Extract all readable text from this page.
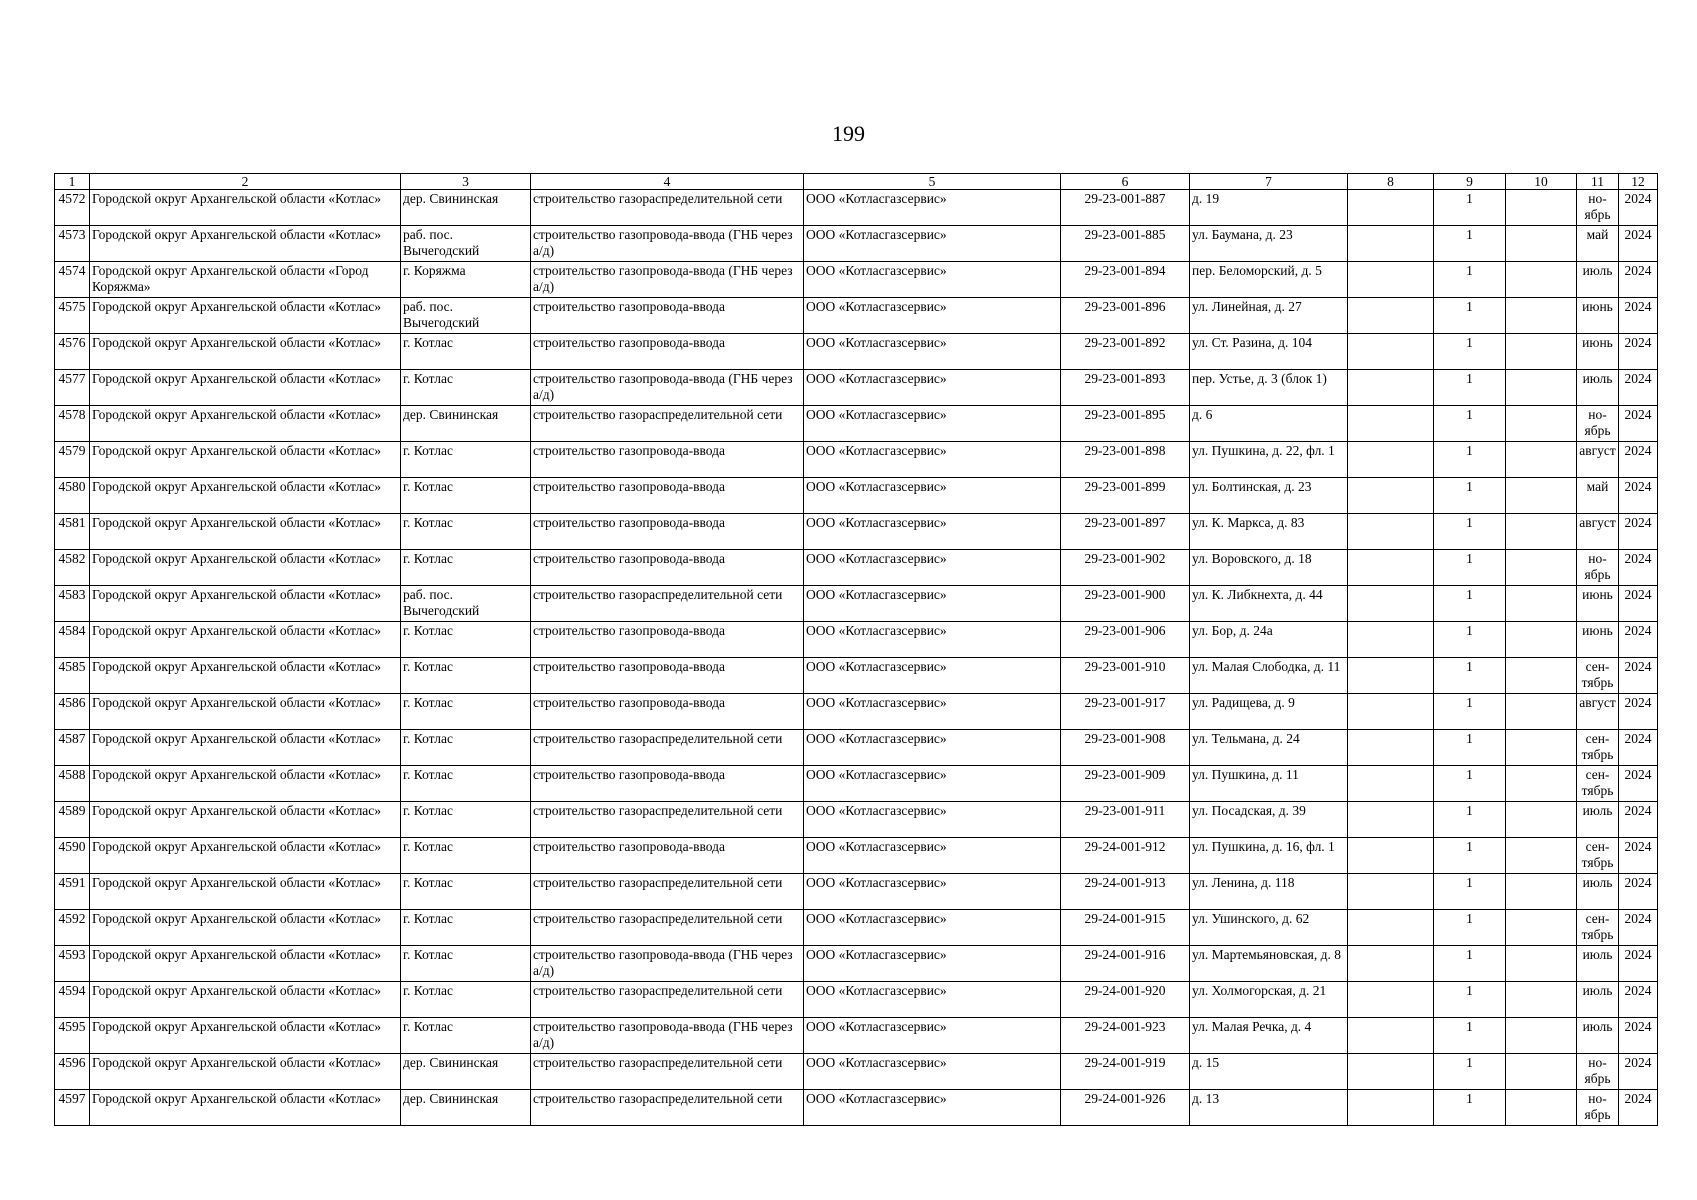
199
1	2	3	4	5	6	7	8	9	10	11	12
4572	Городской округ Архангельской области «Котлас»	дер. Свининская	строительство газораспределительной сети	ООО «Котласгазсервис»	29-23-001-887	д. 19		1		но-ябрь	2024
4573	Городской округ Архангельской области «Котлас»	раб. пос. Вычегодский	строительство газопровода-ввода (ГНБ через а/д)	ООО «Котласгазсервис»	29-23-001-885	ул. Баумана, д. 23		1		май	2024
4574	Городской округ Архангельской области «Город Коряжма»	г. Коряжма	строительство газопровода-ввода (ГНБ через а/д)	ООО «Котласгазсервис»	29-23-001-894	пер. Беломорский, д. 5		1		июль	2024
4575	Городской округ Архангельской области «Котлас»	раб. пос. Вычегодский	строительство газопровода-ввода	ООО «Котласгазсервис»	29-23-001-896	ул. Линейная, д. 27		1		июнь	2024
4576	Городской округ Архангельской области «Котлас»	г. Котлас	строительство газопровода-ввода	ООО «Котласгазсервис»	29-23-001-892	ул. Ст. Разина, д. 104		1		июнь	2024
4577	Городской округ Архангельской области «Котлас»	г. Котлас	строительство газопровода-ввода (ГНБ через а/д)	ООО «Котласгазсервис»	29-23-001-893	пер. Устье, д. 3 (блок 1)		1		июль	2024
4578	Городской округ Архангельской области «Котлас»	дер. Свининская	строительство газораспределительной сети	ООО «Котласгазсервис»	29-23-001-895	д. 6		1		но-ябрь	2024
4579	Городской округ Архангельской области «Котлас»	г. Котлас	строительство газопровода-ввода	ООО «Котласгазсервис»	29-23-001-898	ул. Пушкина, д. 22, фл. 1		1		август	2024
4580	Городской округ Архангельской области «Котлас»	г. Котлас	строительство газопровода-ввода	ООО «Котласгазсервис»	29-23-001-899	ул. Болтинская, д. 23		1		май	2024
4581	Городской округ Архангельской области «Котлас»	г. Котлас	строительство газопровода-ввода	ООО «Котласгазсервис»	29-23-001-897	ул. К. Маркса, д. 83		1		август	2024
4582	Городской округ Архангельской области «Котлас»	г. Котлас	строительство газопровода-ввода	ООО «Котласгазсервис»	29-23-001-902	ул. Воровского, д. 18		1		но-ябрь	2024
4583	Городской округ Архангельской области «Котлас»	раб. пос. Вычегодский	строительство газораспределительной сети	ООО «Котласгазсервис»	29-23-001-900	ул. К. Либкнехта, д. 44		1		июнь	2024
4584	Городской округ Архангельской области «Котлас»	г. Котлас	строительство газопровода-ввода	ООО «Котласгазсервис»	29-23-001-906	ул. Бор, д. 24а		1		июнь	2024
4585	Городской округ Архангельской области «Котлас»	г. Котлас	строительство газопровода-ввода	ООО «Котласгазсервис»	29-23-001-910	ул. Малая Слободка, д. 11		1		сен-тябрь	2024
4586	Городской округ Архангельской области «Котлас»	г. Котлас	строительство газопровода-ввода	ООО «Котласгазсервис»	29-23-001-917	ул. Радищева, д. 9		1		август	2024
4587	Городской округ Архангельской области «Котлас»	г. Котлас	строительство газораспределительной сети	ООО «Котласгазсервис»	29-23-001-908	ул. Тельмана, д. 24		1		сен-тябрь	2024
4588	Городской округ Архангельской области «Котлас»	г. Котлас	строительство газопровода-ввода	ООО «Котласгазсервис»	29-23-001-909	ул. Пушкина, д. 11		1		сен-тябрь	2024
4589	Городской округ Архангельской области «Котлас»	г. Котлас	строительство газораспределительной сети	ООО «Котласгазсервис»	29-23-001-911	ул. Посадская, д. 39		1		июль	2024
4590	Городской округ Архангельской области «Котлас»	г. Котлас	строительство газопровода-ввода	ООО «Котласгазсервис»	29-24-001-912	ул. Пушкина, д. 16, фл. 1		1		сен-тябрь	2024
4591	Городской округ Архангельской области «Котлас»	г. Котлас	строительство газораспределительной сети	ООО «Котласгазсервис»	29-24-001-913	ул. Ленина, д. 118		1		июль	2024
4592	Городской округ Архангельской области «Котлас»	г. Котлас	строительство газораспределительной сети	ООО «Котласгазсервис»	29-24-001-915	ул. Ушинского, д. 62		1		сен-тябрь	2024
4593	Городской округ Архангельской области «Котлас»	г. Котлас	строительство газопровода-ввода (ГНБ через а/д)	ООО «Котласгазсервис»	29-24-001-916	ул. Мартемьяновская, д. 8		1		июль	2024
4594	Городской округ Архангельской области «Котлас»	г. Котлас	строительство газораспределительной сети	ООО «Котласгазсервис»	29-24-001-920	ул. Холмогорская, д. 21		1		июль	2024
4595	Городской округ Архангельской области «Котлас»	г. Котлас	строительство газопровода-ввода (ГНБ через а/д)	ООО «Котласгазсервис»	29-24-001-923	ул. Малая Речка, д. 4		1		июль	2024
4596	Городской округ Архангельской области «Котлас»	дер. Свининская	строительство газораспределительной сети	ООО «Котласгазсервис»	29-24-001-919	д. 15		1		но-ябрь	2024
4597	Городской округ Архангельской области «Котлас»	дер. Свининская	строительство газораспределительной сети	ООО «Котласгазсервис»	29-24-001-926	д. 13		1		но-ябрь	2024
